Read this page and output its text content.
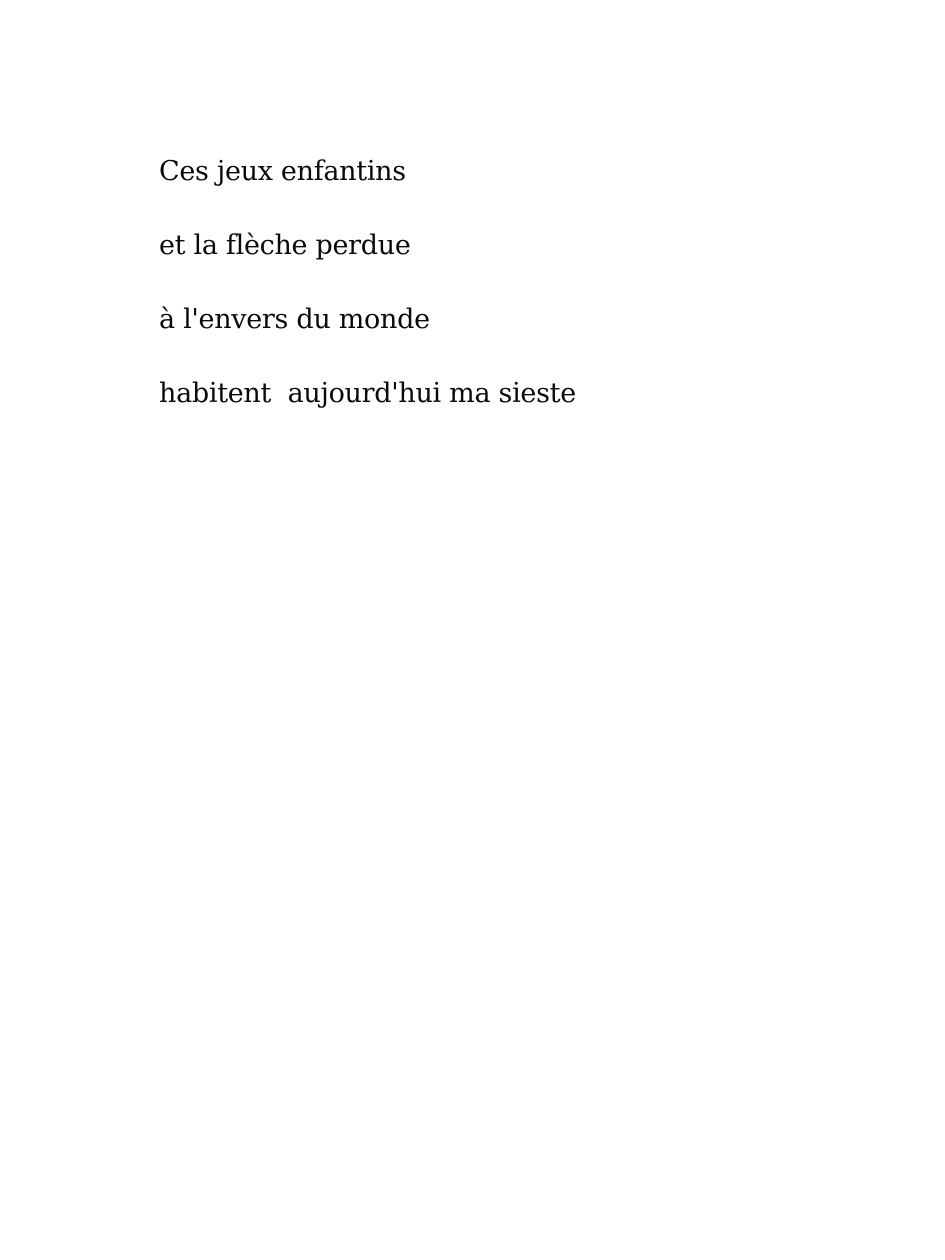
Ces jeux enfantins
et la flèche perdue
à l'envers du monde
habitent  aujourd'hui ma sieste
